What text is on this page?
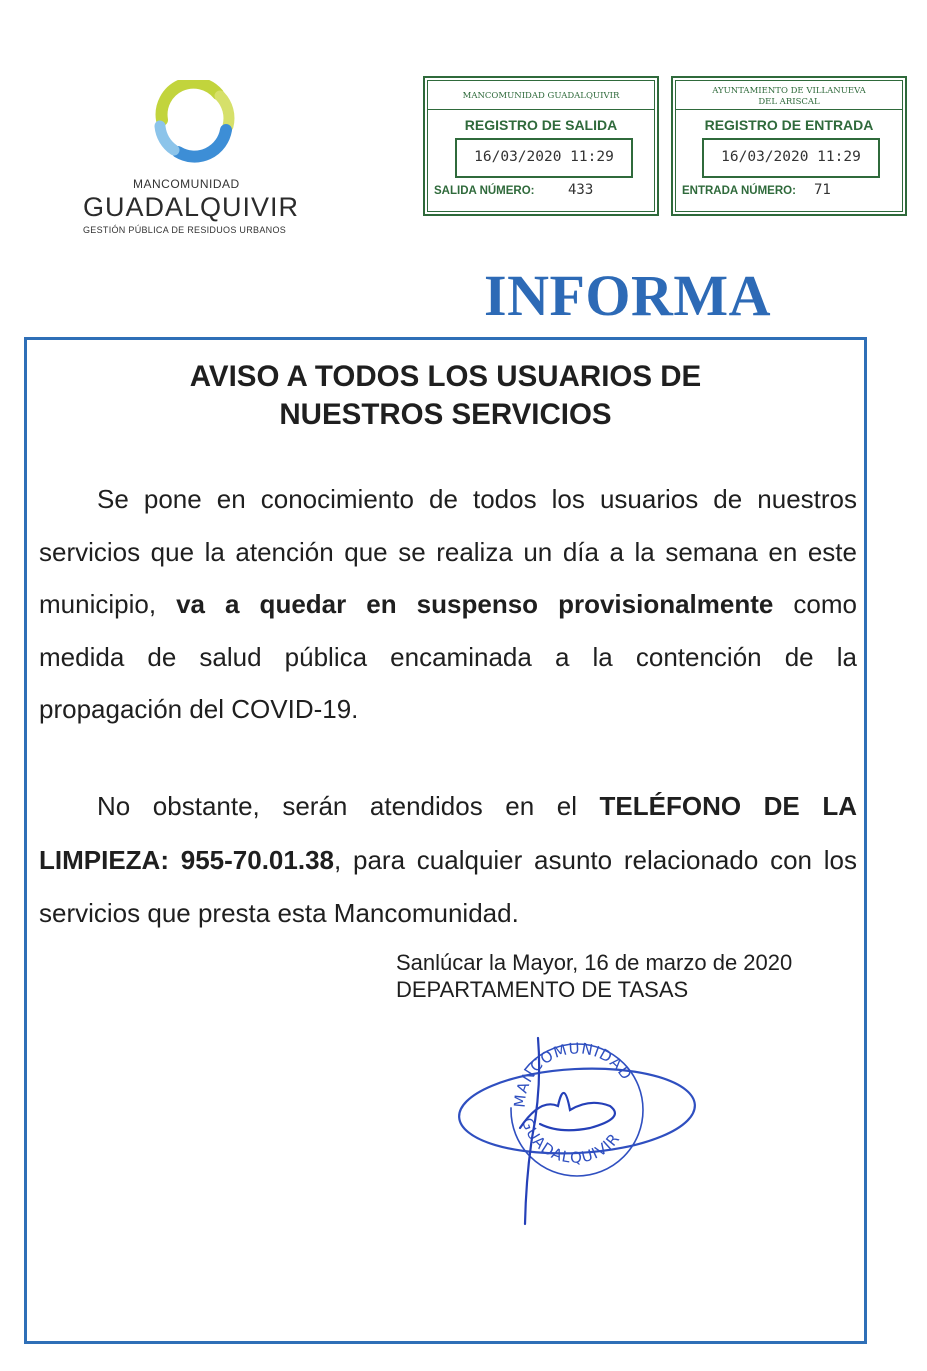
MANCOMUNIDAD
GUADALQUIVIR
GESTIÓN PÚBLICA DE RESIDUOS URBANOS
MANCOMUNIDAD GUADALQUIVIR
REGISTRO DE SALIDA
16/03/2020 11:29
SALIDA NÚMERO: 433
AYUNTAMIENTO DE VILLANUEVA
DEL ARISCAL
REGISTRO DE ENTRADA
16/03/2020 11:29
ENTRADA NÚMERO: 71
INFORMA
AVISO A TODOS LOS USUARIOS DE
NUESTROS SERVICIOS

Se pone en conocimiento de todos los usuarios de nuestros servicios que la atención que se realiza un día a la semana en este municipio, va a quedar en suspenso provisionalmente como medida de salud pública encaminada a la contención de la propagación del COVID-19.

No obstante, serán atendidos en el TELÉFONO DE LA LIMPIEZA: 955-70.01.38, para cualquier asunto relacionado con los servicios que presta esta Mancomunidad.

Sanlúcar la Mayor, 16 de marzo de 2020
DEPARTAMENTO DE TASAS
MANCOMUNIDAD
GUADALQUIVIR
